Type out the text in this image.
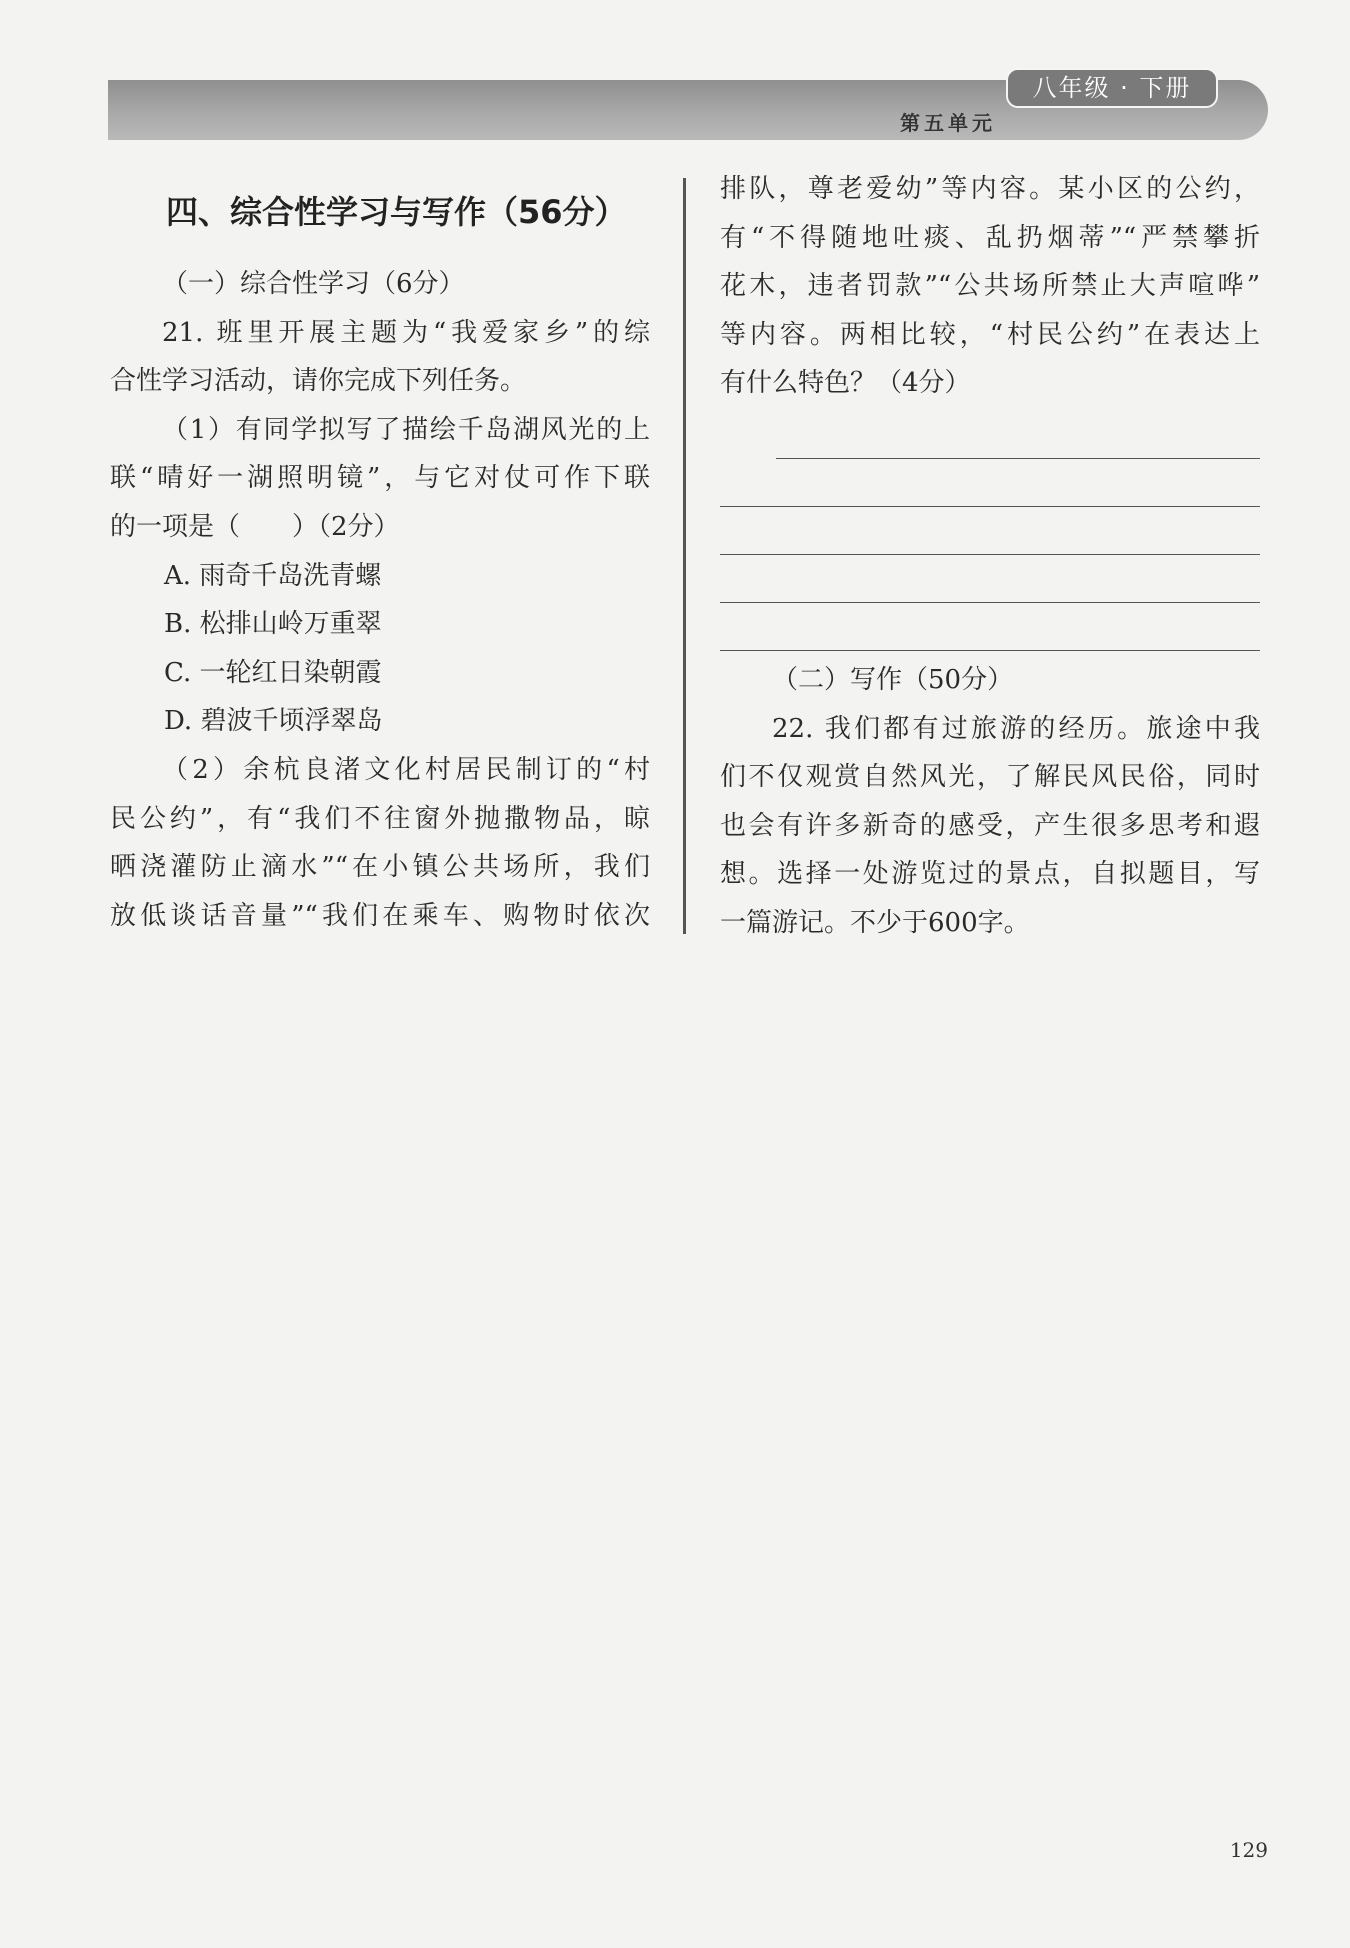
八年级 · 下册
第五单元
四、综合性学习与写作（56分）
（一）综合性学习（6分）
21. 班里开展主题为“我爱家乡”的综
合性学习活动，请你完成下列任务。
（1）有同学拟写了描绘千岛湖风光的上
联“晴好一湖照明镜”，与它对仗可作下联
的一项是（　　）（2分）
A. 雨奇千岛洗青螺
B. 松排山岭万重翠
C. 一轮红日染朝霞
D. 碧波千顷浮翠岛
（2）余杭良渚文化村居民制订的“村
民公约”，有“我们不往窗外抛撒物品，晾
晒浇灌防止滴水”“在小镇公共场所，我们
放低谈话音量”“我们在乘车、购物时依次
排队，尊老爱幼”等内容。某小区的公约，
有“不得随地吐痰、乱扔烟蒂”“严禁攀折
花木，违者罚款”“公共场所禁止大声喧哗”
等内容。两相比较，“村民公约”在表达上
有什么特色？（4分）
（二）写作（50分）
22. 我们都有过旅游的经历。旅途中我
们不仅观赏自然风光，了解民风民俗，同时
也会有许多新奇的感受，产生很多思考和遐
想。选择一处游览过的景点，自拟题目，写
一篇游记。不少于600字。
129
